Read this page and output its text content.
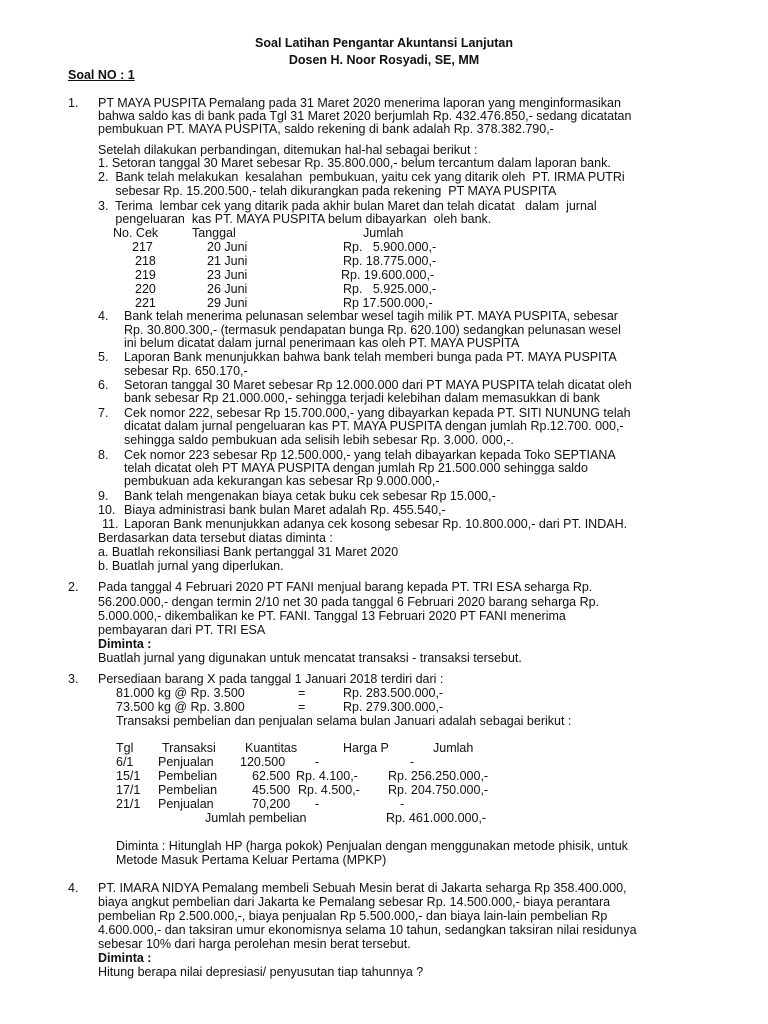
Soal Latihan Pengantar Akuntansi Lanjutan
Dosen H. Noor Rosyadi, SE, MM
Soal NO : 1
1. PT MAYA PUSPITA Pemalang pada 31 Maret 2020 menerima laporan yang menginformasikan
bahwa saldo kas di bank pada Tgl 31 Maret 2020 berjumlah Rp. 432.476.850,- sedang dicatatan
pembukuan PT. MAYA PUSPITA, saldo rekening di bank adalah Rp. 378.382.790,-
Setelah dilakukan perbandingan, ditemukan hal-hal sebagai berikut :
1. Setoran tanggal 30 Maret sebesar Rp. 35.800.000,- belum tercantum dalam laporan bank.
2.  Bank telah melakukan  kesalahan  pembukuan, yaitu cek yang ditarik oleh  PT. IRMA PUTRi
sebesar Rp. 15.200.500,- telah dikurangkan pada rekening  PT MAYA PUSPITA
3.  Terima  lembar cek yang ditarik pada akhir bulan Maret dan telah dicatat   dalam  jurnal
pengeluaran  kas PT. MAYA PUSPITA belum dibayarkan  oleh bank.
No. Cek	Tanggal	Jumlah
217	20 Juni	Rp.   5.900.000,-
218	21 Juni	Rp. 18.775.000,-
219	23 Juni	Rp. 19.600.000,-
220	26 Juni	Rp.   5.925.000,-
221	29 Juni	Rp 17.500.000,-
4. Bank telah menerima pelunasan selembar wesel tagih milik PT. MAYA PUSPITA, sebesar
Rp. 30.800.300,- (termasuk pendapatan bunga Rp. 620.100) sedangkan pelunasan wesel
ini belum dicatat dalam jurnal penerimaan kas oleh PT. MAYA PUSPITA
5. Laporan Bank menunjukkan bahwa bank telah memberi bunga pada PT. MAYA PUSPITA
sebesar Rp. 650.170,-
6. Setoran tanggal 30 Maret sebesar Rp 12.000.000 dari PT MAYA PUSPITA telah dicatat oleh
bank sebesar Rp 21.000.000,- sehingga terjadi kelebihan dalam memasukkan di bank
7. Cek nomor 222, sebesar Rp 15.700.000,- yang dibayarkan kepada PT. SITI NUNUNG telah
dicatat dalam jurnal pengeluaran kas PT. MAYA PUSPITA dengan jumlah Rp.12.700. 000,-
sehingga saldo pembukuan ada selisih lebih sebesar Rp. 3.000. 000,-.
8. Cek nomor 223 sebesar Rp 12.500.000,- yang telah dibayarkan kepada Toko SEPTIANA
telah dicatat oleh PT MAYA PUSPITA dengan jumlah Rp 21.500.000 sehingga saldo
pembukuan ada kekurangan kas sebesar Rp 9.000.000,-
9. Bank telah mengenakan biaya cetak buku cek sebesar Rp 15.000,-
10. Biaya administrasi bank bulan Maret adalah Rp. 455.540,-
11. Laporan Bank menunjukkan adanya cek kosong sebesar Rp. 10.800.000,- dari PT. INDAH.
Berdasarkan data tersebut diatas diminta :
a. Buatlah rekonsiliasi Bank pertanggal 31 Maret 2020
b. Buatlah jurnal yang diperlukan.
2. Pada tanggal 4 Februari 2020 PT FANI menjual barang kepada PT. TRI ESA seharga Rp.
56.200.000,- dengan termin 2/10 net 30 pada tanggal 6 Februari 2020 barang seharga Rp.
5.000.000,- dikembalikan ke PT. FANI. Tanggal 13 Februari 2020 PT FANI menerima
pembayaran dari PT. TRI ESA
Diminta :
Buatlah jurnal yang digunakan untuk mencatat transaksi - transaksi tersebut.
3. Persediaan barang X pada tanggal 1 Januari 2018 terdiri dari :
81.000 kg @ Rp. 3.500	=	Rp. 283.500.000,-
73.500 kg @ Rp. 3.800	=	Rp. 279.300.000,-
Transaksi pembelian dan penjualan selama bulan Januari adalah sebagai berikut :
Tgl Transaksi Kuantitas	Harga P	Jumlah
6/1 Penjualan 120.500 -	-
15/1 Pembelian	62.500 Rp. 4.100,- Rp. 256.250.000,-
17/1 Pembelian	45.500 Rp. 4.500,- Rp. 204.750.000,-
21/1 Penjualan	70,200 -	-
Jumlah pembelian	Rp. 461.000.000,-
Diminta : Hitunglah HP (harga pokok) Penjualan dengan menggunakan metode phisik, untuk
Metode Masuk Pertama Keluar Pertama (MPKP)
4. PT. IMARA NIDYA Pemalang membeli Sebuah Mesin berat di Jakarta seharga Rp 358.400.000,
biaya angkut pembelian dari Jakarta ke Pemalang sebesar Rp. 14.500.000,- biaya perantara
pembelian Rp 2.500.000,-, biaya penjualan Rp 5.500.000,- dan biaya lain-lain pembelian Rp
4.600.000,- dan taksiran umur ekonomisnya selama 10 tahun, sedangkan taksiran nilai residunya
sebesar 10% dari harga perolehan mesin berat tersebut.
Diminta :
Hitung berapa nilai depresiasi/ penyusutan tiap tahunnya ?
